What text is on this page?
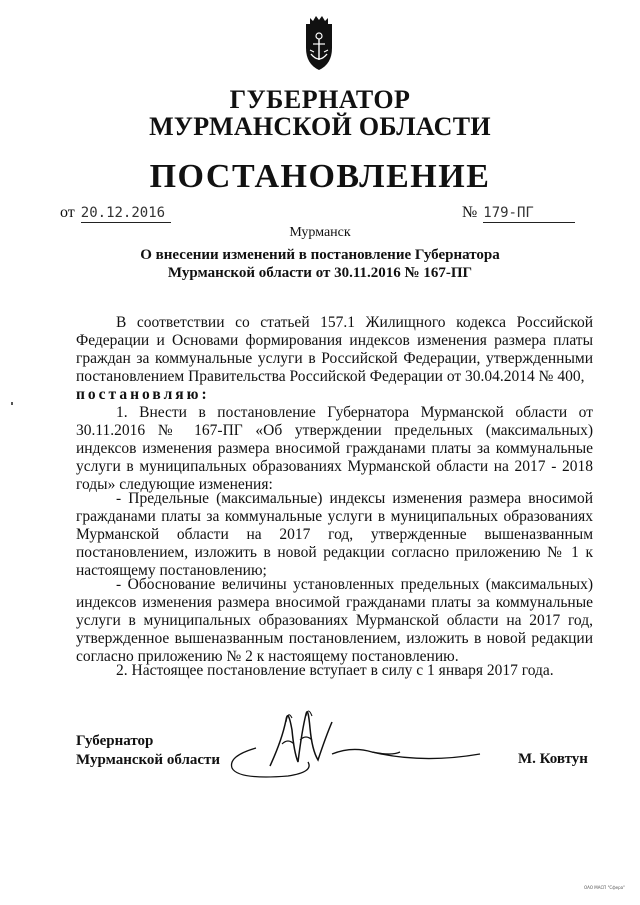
ГУБЕРНАТОР
МУРМАНСКОЙ ОБЛАСТИ
ПОСТАНОВЛЕНИЕ
от 20.12.2016	№ 179-ПГ
Мурманск
О внесении изменений в постановление Губернатора
Мурманской области от 30.11.2016 № 167-ПГ
В соответствии со статьей 157.1 Жилищного кодекса Российской Федерации и Основами формирования индексов изменения размера платы граждан за коммунальные услуги в Российской Федерации, утвержденными постановлением Правительства Российской Федерации от 30.04.2014 № 400,
постановляю:
1. Внести в постановление Губернатора Мурманской области от 30.11.2016 № 167-ПГ «Об утверждении предельных (максимальных) индексов изменения размера вносимой гражданами платы за коммунальные услуги в муниципальных образованиях Мурманской области на 2017 - 2018 годы» следующие изменения:
- Предельные (максимальные) индексы изменения размера вносимой гражданами платы за коммунальные услуги в муниципальных образованиях Мурманской области на 2017 год, утвержденные вышеназванным постановлением, изложить в новой редакции согласно приложению № 1 к настоящему постановлению;
- Обоснование величины установленных предельных (максимальных) индексов изменения размера вносимой гражданами платы за коммунальные услуги в муниципальных образованиях Мурманской области на 2017 год, утвержденное вышеназванным постановлением, изложить в новой редакции согласно приложению № 2 к настоящему постановлению.
2. Настоящее постановление вступает в силу с 1 января 2017 года.
Губернатор
Мурманской области	М. Ковтун
ОАО МАСП "Сфера"
